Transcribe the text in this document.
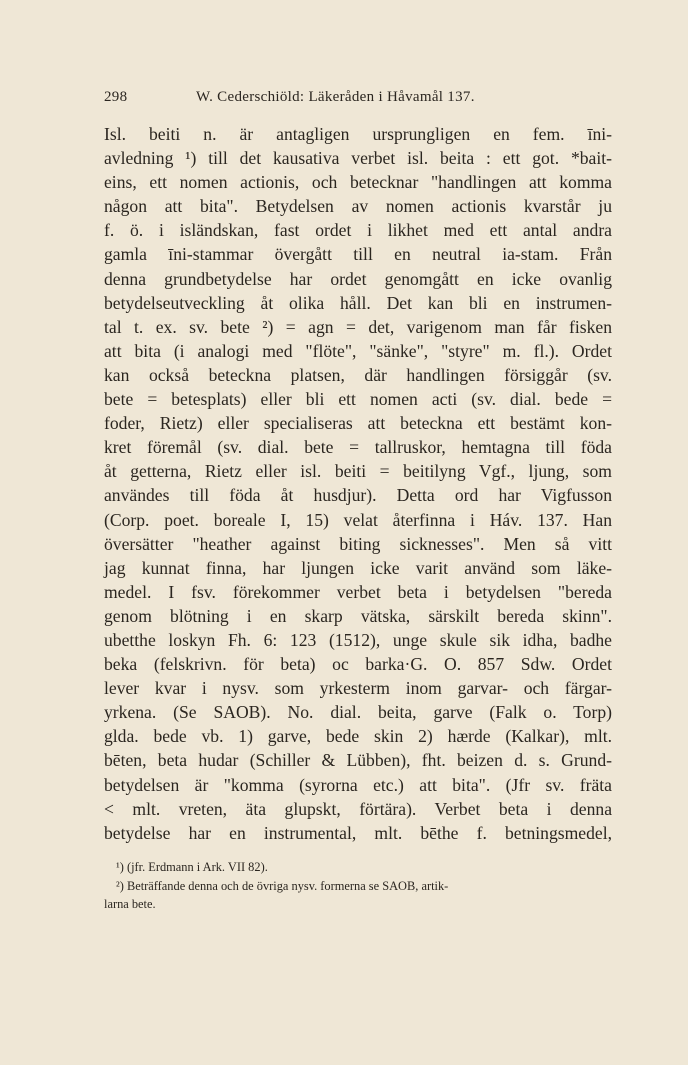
298	W. Cederschiöld: Läkeråden i Håvamål 137.
Isl. beiti n. är antagligen ursprungligen en fem. īni-
avledning ¹) till det kausativa verbet isl. beita : ett got. *bait-
eins, ett nomen actionis, och betecknar "handlingen att komma
någon att bita". Betydelsen av nomen actionis kvarstår ju
f. ö. i isländskan, fast ordet i likhet med ett antal andra
gamla īni-stammar övergått till en neutral ia-stam. Från
denna grundbetydelse har ordet genomgått en icke ovanlig
betydelseutveckling åt olika håll. Det kan bli en instrumen-
tal t. ex. sv. bete ²) = agn = det, varigenom man får fisken
att bita (i analogi med "flöte", "sänke", "styre" m. fl.). Ordet
kan också beteckna platsen, där handlingen försiggår (sv.
bete = betesplats) eller bli ett nomen acti (sv. dial. bede =
foder, Rietz) eller specialiseras att beteckna ett bestämt kon-
kret föremål (sv. dial. bete = tallruskor, hemtagna till föda
åt getterna, Rietz eller isl. beiti = beitilyng Vgf., ljung, som
användes till föda åt husdjur). Detta ord har Vigfusson
(Corp. poet. boreale I, 15) velat återfinna i Háv. 137. Han
översätter "heather against biting sicknesses". Men så vitt
jag kunnat finna, har ljungen icke varit använd som läke-
medel. I fsv. förekommer verbet beta i betydelsen "bereda
genom blötning i en skarp vätska, särskilt bereda skinn".
ubetthe loskyn Fh. 6: 123 (1512), unge skule sik idha, badhe
beka (felskrivn. för beta) oc barka·G. O. 857 Sdw. Ordet
lever kvar i nysv. som yrkesterm inom garvar- och färgar-
yrkena. (Se SAOB). No. dial. beita, garve (Falk o. Torp)
glda. bede vb. 1) garve, bede skin 2) hærde (Kalkar), mlt.
bēten, beta hudar (Schiller & Lübben), fht. beizen d. s. Grund-
betydelsen är "komma (syrorna etc.) att bita". (Jfr sv. fräta
< mlt. vreten, äta glupskt, förtära). Verbet beta i denna
betydelse har en instrumental, mlt. bēthe f. betningsmedel,
¹) (jfr. Erdmann i Ark. VII 82).
²) Beträffande denna och de övriga nysv. formerna se SAOB, artik-
larna bete.
